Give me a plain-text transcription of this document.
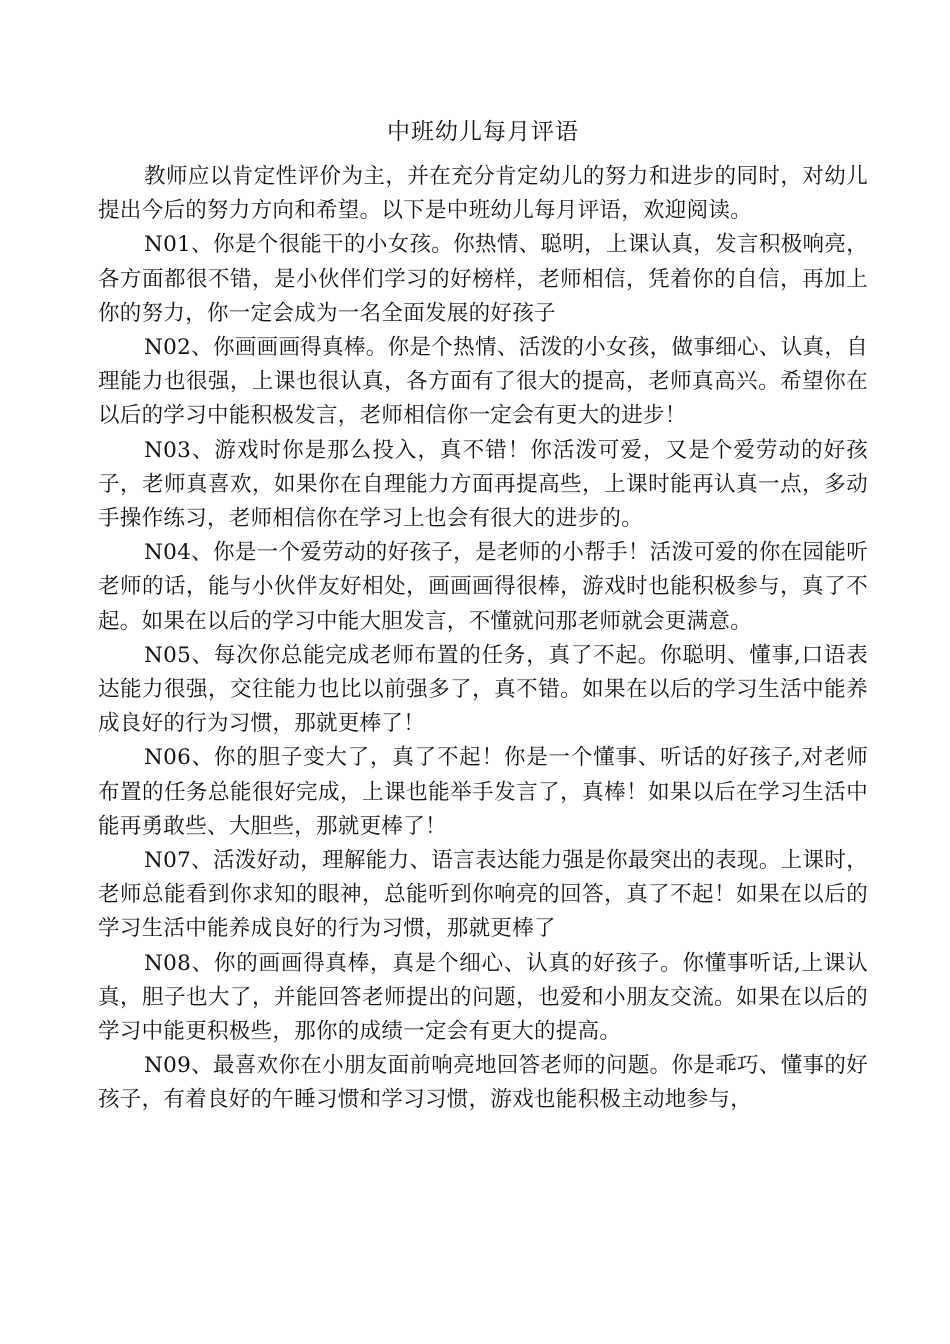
中班幼儿每月评语

教师应以肯定性评价为主，并在充分肯定幼儿的努力和进步的同时，对幼儿提出今后的努力方向和希望。以下是中班幼儿每月评语，欢迎阅读。

N01、你是个很能干的小女孩。你热情、聪明，上课认真，发言积极响亮，各方面都很不错，是小伙伴们学习的好榜样，老师相信，凭着你的自信，再加上你的努力，你一定会成为一名全面发展的好孩子

N02、你画画画得真棒。你是个热情、活泼的小女孩，做事细心、认真，自理能力也很强，上课也很认真，各方面有了很大的提高，老师真高兴。希望你在以后的学习中能积极发言，老师相信你一定会有更大的进步！

N03、游戏时你是那么投入，真不错！你活泼可爱，又是个爱劳动的好孩子，老师真喜欢，如果你在自理能力方面再提高些，上课时能再认真一点，多动手操作练习，老师相信你在学习上也会有很大的进步的。

N04、你是一个爱劳动的好孩子，是老师的小帮手！活泼可爱的你在园能听老师的话，能与小伙伴友好相处，画画画得很棒，游戏时也能积极参与，真了不起。如果在以后的学习中能大胆发言，不懂就问那老师就会更满意。

N05、每次你总能完成老师布置的任务，真了不起。你聪明、懂事,口语表达能力很强，交往能力也比以前强多了，真不错。如果在以后的学习生活中能养成良好的行为习惯，那就更棒了！

N06、你的胆子变大了，真了不起！你是一个懂事、听话的好孩子,对老师布置的任务总能很好完成，上课也能举手发言了，真棒！如果以后在学习生活中能再勇敢些、大胆些，那就更棒了！

N07、活泼好动，理解能力、语言表达能力强是你最突出的表现。上课时，老师总能看到你求知的眼神，总能听到你响亮的回答，真了不起！如果在以后的学习生活中能养成良好的行为习惯，那就更棒了

N08、你的画画得真棒，真是个细心、认真的好孩子。你懂事听话,上课认真，胆子也大了，并能回答老师提出的问题，也爱和小朋友交流。如果在以后的学习中能更积极些，那你的成绩一定会有更大的提高。

N09、最喜欢你在小朋友面前响亮地回答老师的问题。你是乖巧、懂事的好孩子，有着良好的午睡习惯和学习习惯，游戏也能积极主动地参与，
